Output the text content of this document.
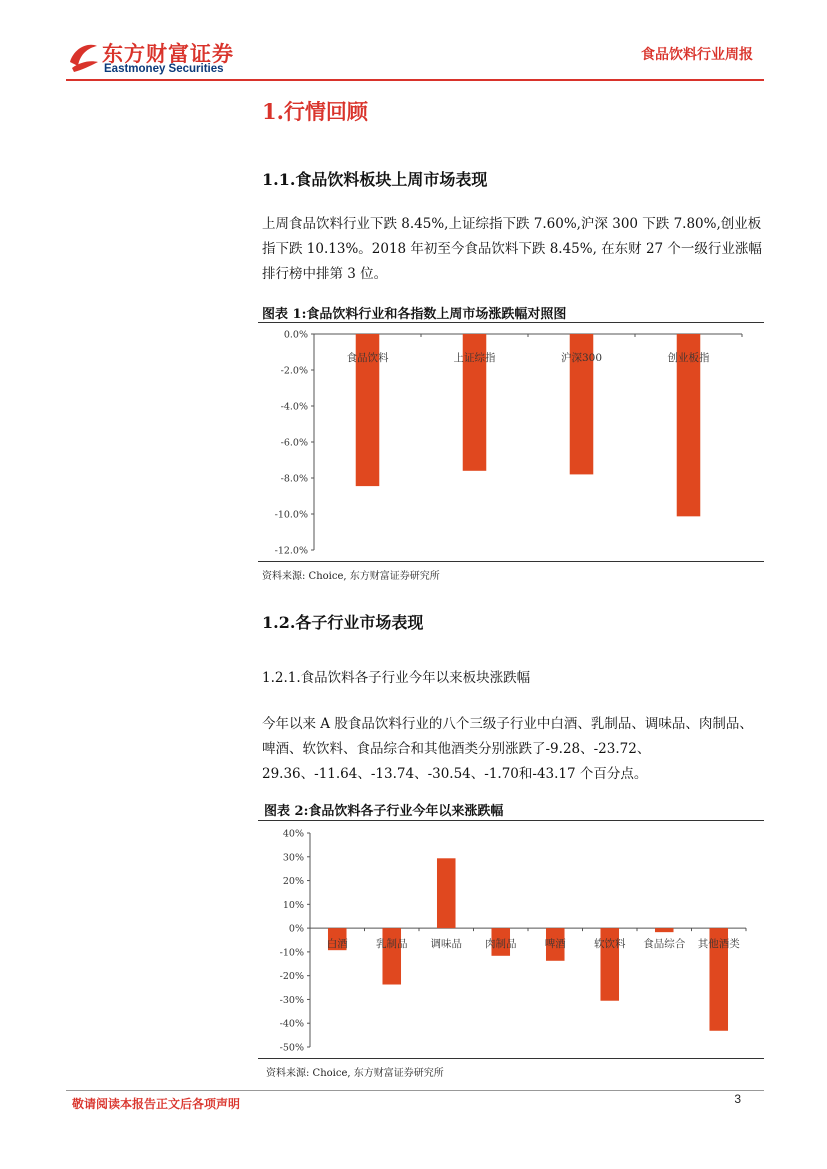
东方财富证券
Eastmoney Securities
食品饮料行业周报
1.行情回顾
1.1.食品饮料板块上周市场表现

上周食品饮料行业下跌 8.45%,上证综指下跌 7.60%,沪深 300 下跌 7.80%,创业板指下跌 10.13%。2018 年初至今食品饮料下跌 8.45%, 在东财 27 个一级行业涨幅排行榜中排第 3 位。

图表 1:食品饮料行业和各指数上周市场涨跌幅对照图
0.0%
-2.0%
-4.0%
-6.0%
-8.0%
-10.0%
-12.0%
食品饮料	上证综指	沪深300	创业板指
资料来源: Choice, 东方财富证券研究所
1.2.各子行业市场表现
1.2.1.食品饮料各子行业今年以来板块涨跌幅

今年以来 A 股食品饮料行业的八个三级子行业中白酒、乳制品、调味品、肉制品、啤酒、软饮料、食品综合和其他酒类分别涨跌了-9.28、-23.72、29.36、-11.64、-13.74、-30.54、-1.70和-43.17 个百分点。

图表 2:食品饮料各子行业今年以来涨跌幅
40%
30%
20%
10%
0%
-10%
-20%
-30%
-40%
-50%
白酒	乳制品 调味品 肉制品	啤酒	软饮料 食品综合 其他酒类
资料来源: Choice, 东方财富证券研究所
敬请阅读本报告正文后各项声明	3
